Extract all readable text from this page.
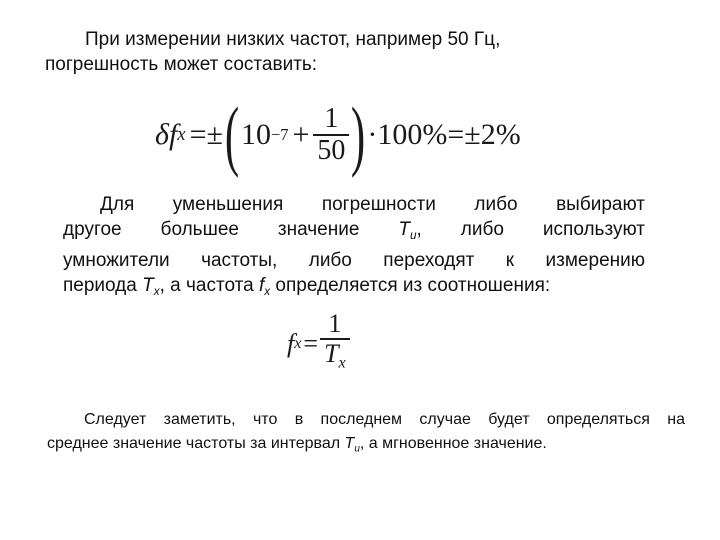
При измерении низких частот, например 50 Гц,
погрешность может составить:
δ f x =± ( $10 -7 + \frac{1}{50}$ ) ·100% =±2%
Для уменьшения погрешности либо выбирают
другое большее значение $T_u$, либо используют
умножители частоты, либо переходят к измерению
периода $T_x$, а частота $f_x$ определяется из соотношения:
f $x = \frac{1}{T_x}$
Следует заметить, что в последнем случае будет определяться на
среднее значение частоты за интервал $T_u$, а мгновенное значение.
